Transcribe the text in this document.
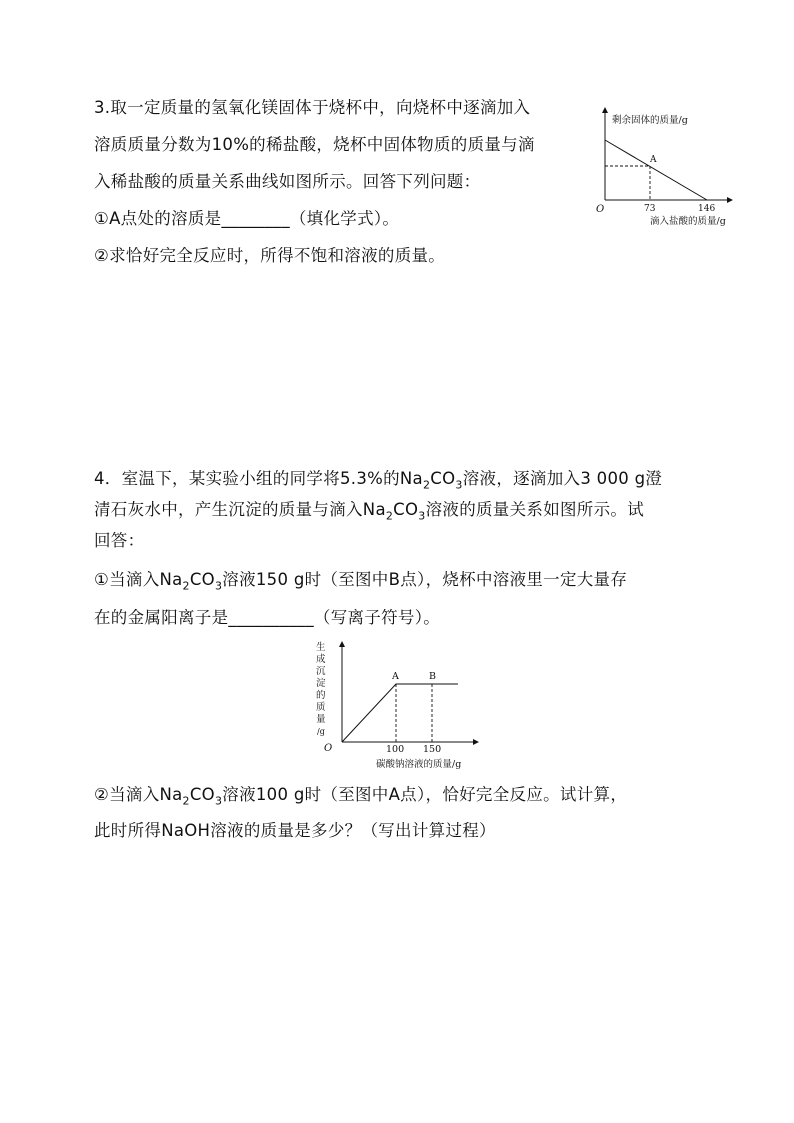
3.取一定质量的氢氧化镁固体于烧杯中，向烧杯中逐滴加入
溶质质量分数为10%的稀盐酸，烧杯中固体物质的质量与滴
入稀盐酸的质量关系曲线如图所示。回答下列问题：
①A点处的溶质是________（填化学式）。
②求恰好完全反应时，所得不饱和溶液的质量。
剩余固体的质量/g
A
O	73	146
滴入盐酸的质量/g
4．室温下，某实验小组的同学将5.3%的$Na_2CO_3$溶液，逐滴加入3 000 g澄
清石灰水中，产生沉淀的质量与滴入$Na_2CO_3$溶液的质量关系如图所示。试
回答：
①当滴入$Na_2CO_3$溶液150 g时（至图中B点），烧杯中溶液里一定大量存
在的金属阳离子是__________（写离子符号）。
②当滴入$Na_2CO_3$溶液100 g时（至图中A点），恰好完全反应。试计算，
此时所得NaOH溶液的质量是多少？（写出计算过程）
生
成
沉
淀
的
质
量
/g
A	B
O	100 150
碳酸钠溶液的质量/g
